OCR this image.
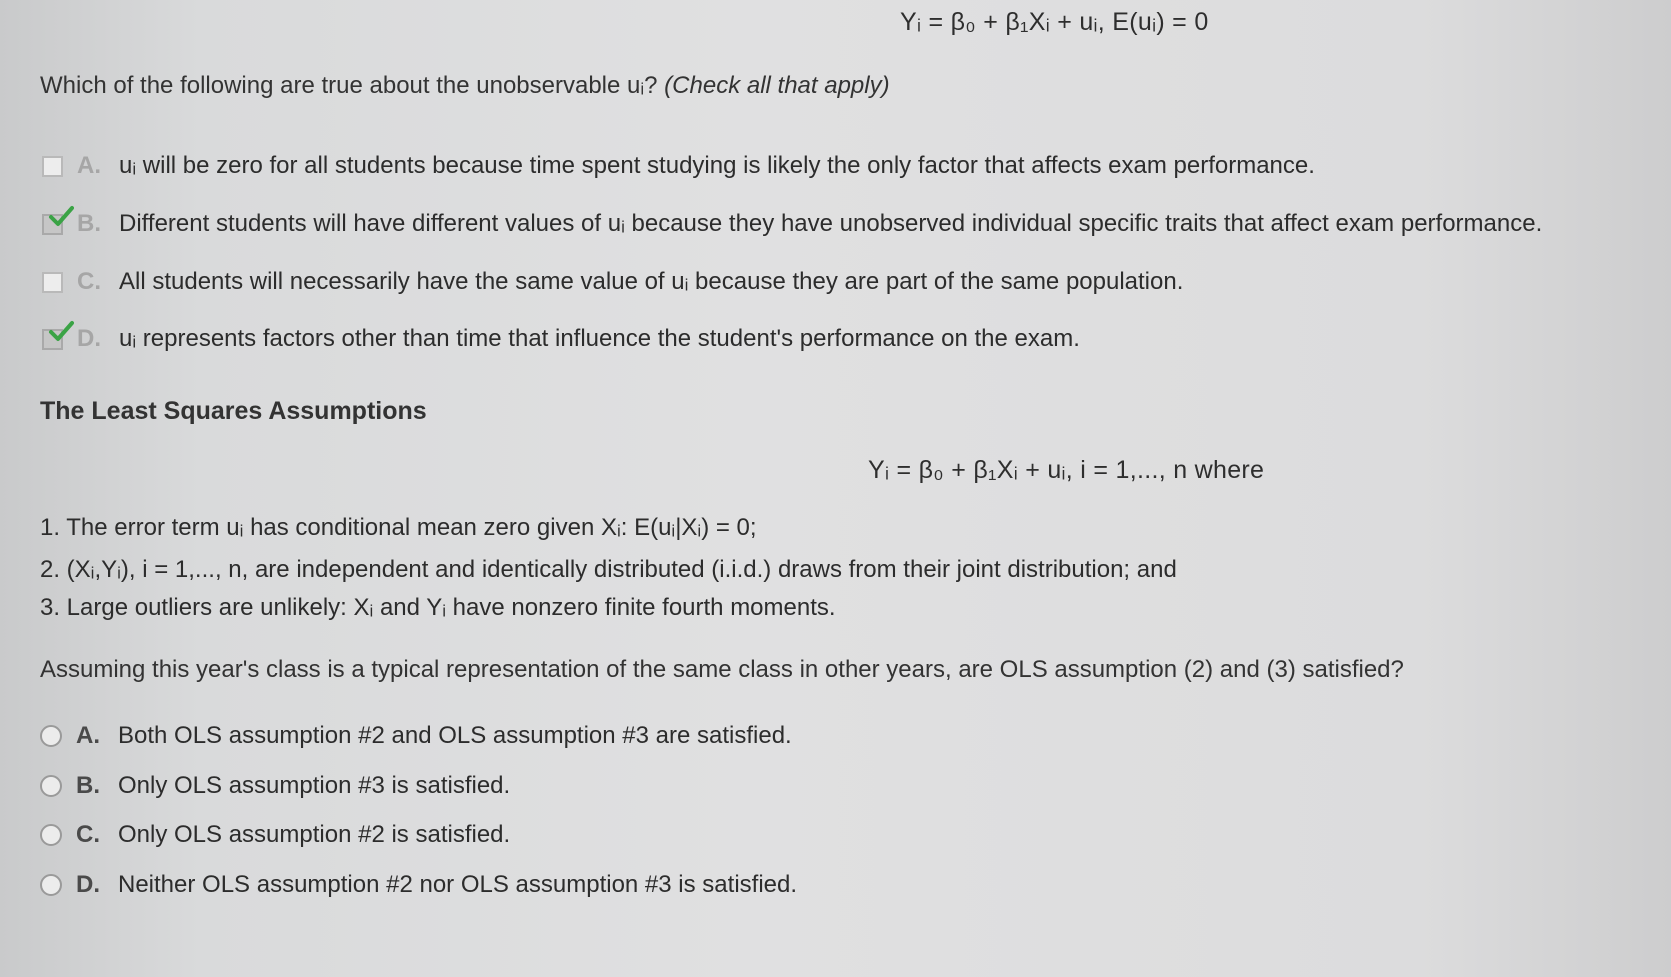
Yᵢ = β₀ + β₁Xᵢ + uᵢ, E(uᵢ) = 0
Which of the following are true about the unobservable uᵢ? (Check all that apply)
A. uᵢ will be zero for all students because time spent studying is likely the only factor that affects exam performance.
B. Different students will have different values of uᵢ because they have unobserved individual specific traits that affect exam performance.
C. All students will necessarily have the same value of uᵢ because they are part of the same population.
D. uᵢ represents factors other than time that influence the student's performance on the exam.
The Least Squares Assumptions
Yᵢ = β₀ + β₁Xᵢ + uᵢ, i = 1,..., n where
1. The error term uᵢ has conditional mean zero given Xᵢ: E(uᵢ|Xᵢ) = 0;
2. (Xᵢ,Yᵢ), i = 1,..., n, are independent and identically distributed (i.i.d.) draws from their joint distribution; and
3. Large outliers are unlikely: Xᵢ and Yᵢ have nonzero finite fourth moments.
Assuming this year's class is a typical representation of the same class in other years, are OLS assumption (2) and (3) satisfied?
A. Both OLS assumption #2 and OLS assumption #3 are satisfied.
B. Only OLS assumption #3 is satisfied.
C. Only OLS assumption #2 is satisfied.
D. Neither OLS assumption #2 nor OLS assumption #3 is satisfied.
